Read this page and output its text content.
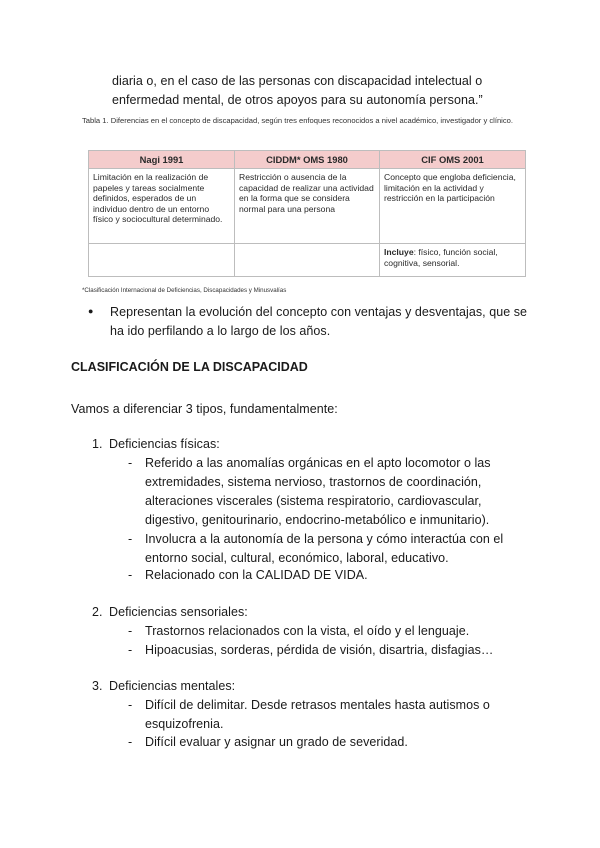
diaria o, en el caso de las personas con discapacidad intelectual o enfermedad mental, de otros apoyos para su autonomía persona.”
Tabla 1. Diferencias en el concepto de discapacidad, según tres enfoques reconocidos a nivel académico, investigador y clínico.
Nagi 1991	CIDDM* OMS 1980	CIF OMS 2001
Limitación en la realización de papeles y tareas socialmente definidos, esperados de un individuo dentro de un entorno físico y sociocultural determinado.	Restricción o ausencia de la capacidad de realizar una actividad en la forma que se considera normal para una persona	Concepto que engloba deficiencia, limitación en la actividad y restricción en la participación
		Incluye: físico, función social, cognitiva, sensorial.
*Clasificación Internacional de Deficiencias, Discapacidades y Minusvalías
● Representan la evolución del concepto con ventajas y desventajas, que se ha ido perfilando a lo largo de los años.
CLASIFICACIÓN DE LA DISCAPACIDAD
Vamos a diferenciar 3 tipos, fundamentalmente:
1. Deficiencias físicas:
- Referido a las anomalías orgánicas en el apto locomotor o las extremidades, sistema nervioso, trastornos de coordinación, alteraciones viscerales (sistema respiratorio, cardiovascular, digestivo, genitourinario, endocrino-metabólico e inmunitario).
- Involucra a la autonomía de la persona y cómo interactúa con el entorno social, cultural, económico, laboral, educativo.
- Relacionado con la CALIDAD DE VIDA.
2. Deficiencias sensoriales:
- Trastornos relacionados con la vista, el oído y el lenguaje.
- Hipoacusias, sorderas, pérdida de visión, disartria, disfagias…
3. Deficiencias mentales:
- Difícil de delimitar. Desde retrasos mentales hasta autismos o esquizofrenia.
- Difícil evaluar y asignar un grado de severidad.
